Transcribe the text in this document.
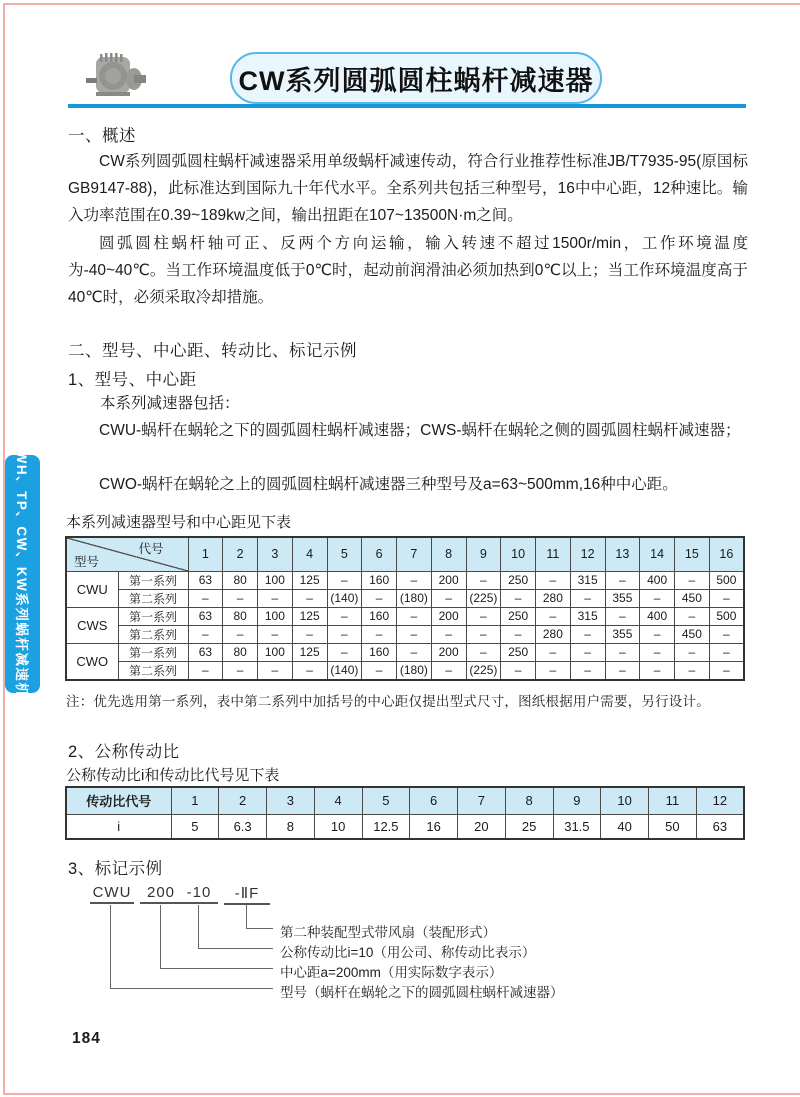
CW系列圆弧圆柱蜗杆减速器
WH、TP、CW、KW系列蜗杆减速机
一、概述
CW系列圆弧圆柱蜗杆减速器采用单级蜗杆减速传动，符合行业推荐性标准JB/T7935-95(原国标GB9147-88)，此标准达到国际九十年代水平。全系列共包括三种型号，16中中心距，12种速比。输入功率范围在0.39~189kw之间，输出扭距在107~13500N·m之间。
圆弧圆柱蜗杆轴可正、反两个方向运输，输入转速不超过1500r/min，工作环境温度为-40~40℃。当工作环境温度低于0℃时，起动前润滑油必须加热到0℃以上；当工作环境温度高于40℃时，必须采取冷却措施。
二、型号、中心距、转动比、标记示例
1、型号、中心距
本系列减速器包括：
CWU-蜗杆在蜗轮之下的圆弧圆柱蜗杆减速器；CWS-蜗杆在蜗轮之侧的圆弧圆柱蜗杆减速器；
CWO-蜗杆在蜗轮之上的圆弧圆柱蜗杆减速器三种型号及a=63~500mm,16种中心距。
本系列减速器型号和中心距见下表
代号
型号		1	2	3	4	5	6	7	8	9	10	11	12	13	14	15	16
CWU	第一系列	63	80	100	125	–	160	–	200	–	250	–	315	–	400	–	500
	第二系列	–	–	–	–	(140)	–	(180)	–	(225)	–	280	–	355	–	450	–
CWS	第一系列	63	80	100	125	–	160	–	200	–	250	–	315	–	400	–	500
	第二系列	–	–	–	–	–	–	–	–	–	–	280	–	355	–	450	–
CWO	第一系列	63	80	100	125	–	160	–	200	–	250	–	–	–	–	–	–
	第二系列	–	–	–	–	(140)	–	(180)	–	(225)	–	–	–	–	–	–	–
注：优先选用第一系列，表中第二系列中加括号的中心距仅提出型式尺寸，图纸根据用户需要，另行设计。
2、公称传动比
公称传动比i和传动比代号见下表
传动比代号	1	2	3	4	5	6	7	8	9	10	11	12
i	5	6.3	8	10	12.5	16	20	25	31.5	40	50	63
3、标记示例
CWU	200 -10	-ⅡF
第二种装配型式带风扇（装配形式）
公称传动比i=10（用公司、称传动比表示）
中心距a=200mm（用实际数字表示）
型号（蜗杆在蜗轮之下的圆弧圆柱蜗杆减速器）
184
